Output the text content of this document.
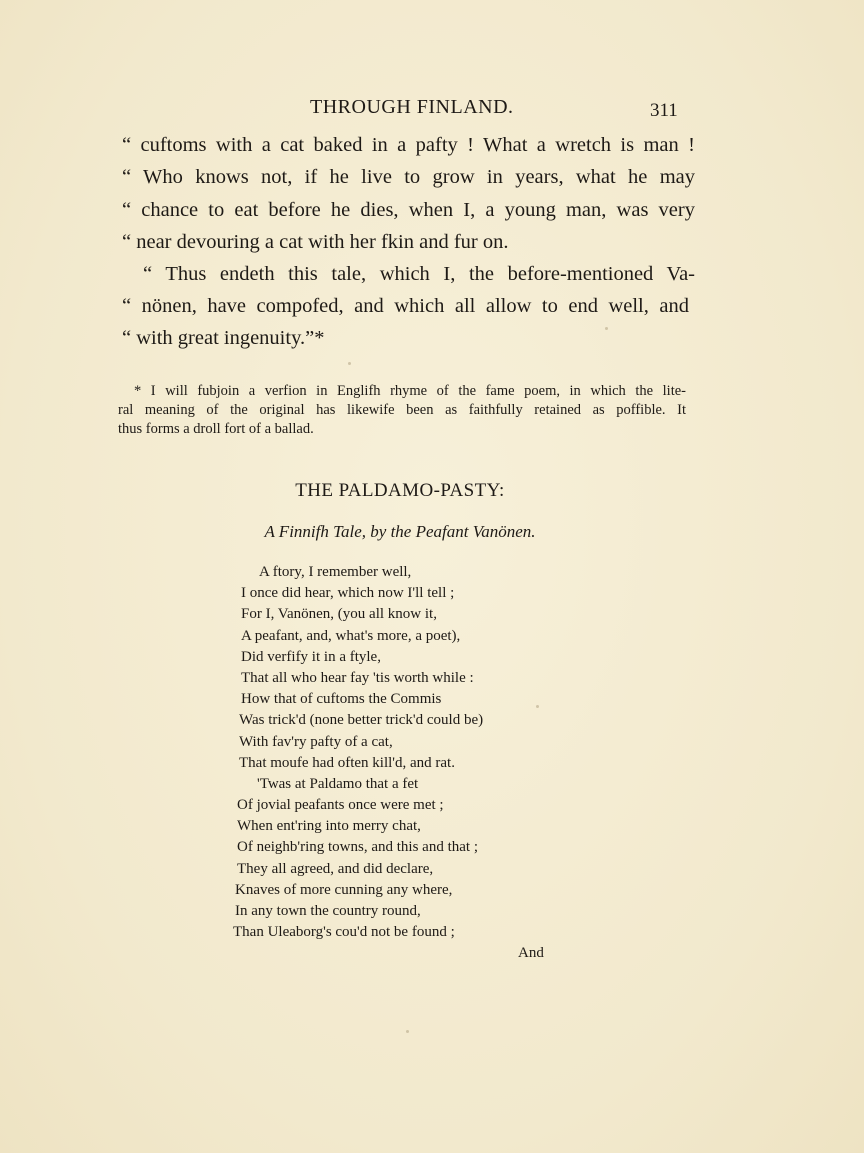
THROUGH FINLAND.	311
“ cuftoms with a cat baked in a pafty ! What a wretch is man !
“ Who knows not, if he live to grow in years, what he may
“ chance to eat before he dies, when I, a young man, was very
“ near devouring a cat with her fkin and fur on.
“ Thus endeth this tale, which I, the before-mentioned Va-
“ nönen, have compofed, and which all allow to end well, and
“ with great ingenuity.”*
* I will fubjoin a verfion in Englifh rhyme of the fame poem, in which the lite-
ral meaning of the original has likewife been as faithfully retained as poffible. It
thus forms a droll fort of a ballad.
THE PALDAMO-PASTY:
A Finnifh Tale, by the Peafant Vanönen.
A ftory, I remember well,
I once did hear, which now I'll tell ;
For I, Vanönen, (you all know it,
A peafant, and, what's more, a poet),
Did verfify it in a ftyle,
That all who hear fay 'tis worth while :
How that of cuftoms the Commis
Was trick'd (none better trick'd could be)
With fav'ry pafty of a cat,
That moufe had often kill'd, and rat.
'Twas at Paldamo that a fet
Of jovial peafants once were met ;
When ent'ring into merry chat,
Of neighb'ring towns, and this and that ;
They all agreed, and did declare,
Knaves of more cunning any where,
In any town the country round,
Than Uleaborg's cou'd not be found ;
And
